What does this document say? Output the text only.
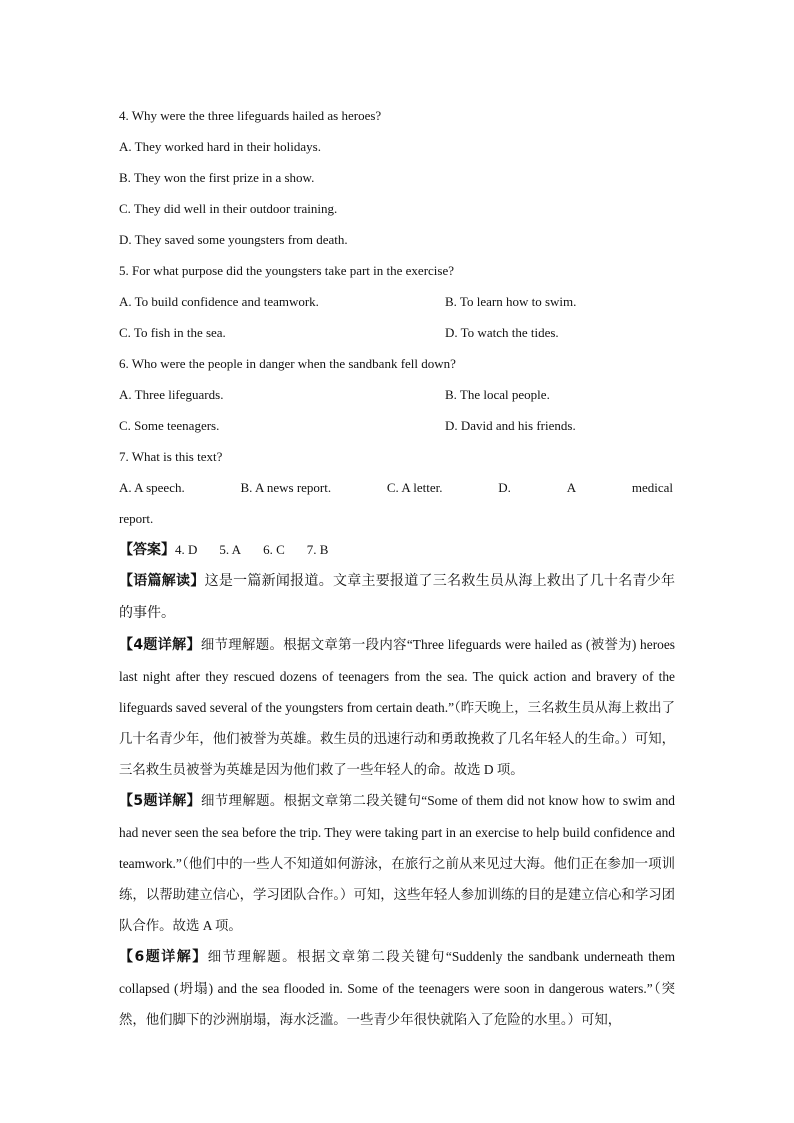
4. Why were the three lifeguards hailed as heroes?
A. They worked hard in their holidays.
B. They won the first prize in a show.
C. They did well in their outdoor training.
D. They saved some youngsters from death.
5. For what purpose did the youngsters take part in the exercise?
A. To build confidence and teamwork.	B. To learn how to swim.
C. To fish in the sea.	D. To watch the tides.
6. Who were the people in danger when the sandbank fell down?
A. Three lifeguards.	B. The local people.
C. Some teenagers.	D. David and his friends.
7. What is this text?
A. A speech.	B. A news report.	C. A letter.	D.	A	medical
report.
【答案】4. D 5. A 6. C 7. B
【语篇解读】这是一篇新闻报道。文章主要报道了三名救生员从海上救出了几十名青少年的事件。
【4题详解】细节理解题。根据文章第一段内容“Three lifeguards were hailed as (被誉为) heroes last night after they rescued dozens of teenagers from the sea. The quick action and bravery of the lifeguards saved several of the youngsters from certain death.”（昨天晚上，三名救生员从海上救出了几十名青少年，他们被誉为英雄。救生员的迅速行动和勇敢挽救了几名年轻人的生命。）可知，三名救生员被誉为英雄是因为他们救了一些年轻人的命。故选 D 项。
【5题详解】细节理解题。根据文章第二段关键句“Some of them did not know how to swim and had never seen the sea before the trip. They were taking part in an exercise to help build confidence and teamwork.”（他们中的一些人不知道如何游泳，在旅行之前从来见过大海。他们正在参加一项训练，以帮助建立信心，学习团队合作。）可知，这些年轻人参加训练的目的是建立信心和学习团队合作。故选 A 项。
【6题详解】细节理解题。根据文章第二段关键句“Suddenly the sandbank underneath them collapsed (坍塌) and the sea flooded in. Some of the teenagers were soon in dangerous waters.”（突然，他们脚下的沙洲崩塌，海水泛滥。一些青少年很快就陷入了危险的水里。）可知，
